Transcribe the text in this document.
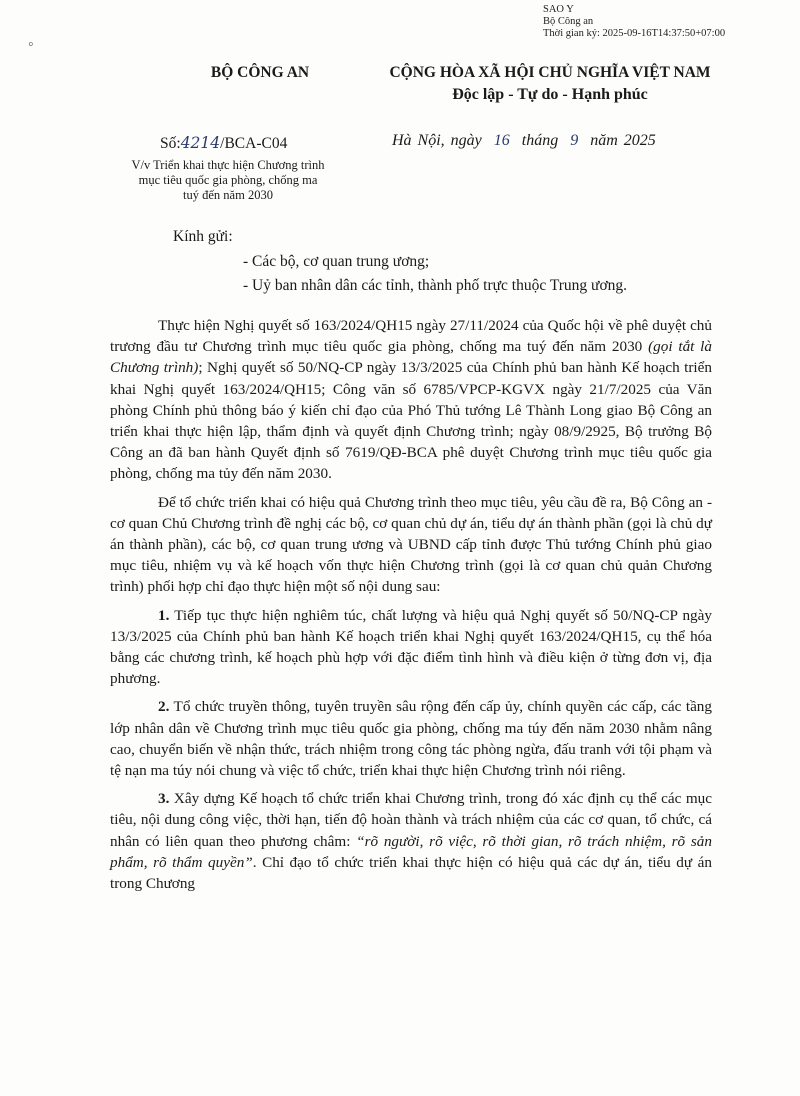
◦
SAO Y
Bộ Công an
Thời gian ký: 2025-09-16T14:37:50+07:00
BỘ CÔNG AN	CỘNG HÒA XÃ HỘI CHỦ NGHĨA VIỆT NAM
Độc lập - Tự do - Hạnh phúc
Số:4214/BCA-C04	Hà Nội, ngày 16 tháng 9 năm 2025
V/v Triển khai thực hiện Chương trình
mục tiêu quốc gia phòng, chống ma
tuý đến năm 2030
Kính gửi:
- Các bộ, cơ quan trung ương;
- Uỷ ban nhân dân các tỉnh, thành phố trực thuộc Trung ương.

Thực hiện Nghị quyết số 163/2024/QH15 ngày 27/11/2024 của Quốc hội về phê duyệt chủ trương đầu tư Chương trình mục tiêu quốc gia phòng, chống ma tuý đến năm 2030 (gọi tắt là Chương trình); Nghị quyết số 50/NQ-CP ngày 13/3/2025 của Chính phủ ban hành Kế hoạch triển khai Nghị quyết 163/2024/QH15; Công văn số 6785/VPCP-KGVX ngày 21/7/2025 của Văn phòng Chính phủ thông báo ý kiến chỉ đạo của Phó Thủ tướng Lê Thành Long giao Bộ Công an triển khai thực hiện lập, thẩm định và quyết định Chương trình; ngày 08/9/2925, Bộ trưởng Bộ Công an đã ban hành Quyết định số 7619/QĐ-BCA phê duyệt Chương trình mục tiêu quốc gia phòng, chống ma tủy đến năm 2030.

Để tổ chức triển khai có hiệu quả Chương trình theo mục tiêu, yêu cầu đề ra, Bộ Công an - cơ quan Chủ Chương trình đề nghị các bộ, cơ quan chủ dự án, tiểu dự án thành phần (gọi là chủ dự án thành phần), các bộ, cơ quan trung ương và UBND cấp tỉnh được Thủ tướng Chính phủ giao mục tiêu, nhiệm vụ và kế hoạch vốn thực hiện Chương trình (gọi là cơ quan chủ quản Chương trình) phối hợp chỉ đạo thực hiện một số nội dung sau:

1. Tiếp tục thực hiện nghiêm túc, chất lượng và hiệu quả Nghị quyết số 50/NQ-CP ngày 13/3/2025 của Chính phủ ban hành Kế hoạch triển khai Nghị quyết 163/2024/QH15, cụ thể hóa bằng các chương trình, kế hoạch phù hợp với đặc điểm tình hình và điều kiện ở từng đơn vị, địa phương.

2. Tổ chức truyền thông, tuyên truyền sâu rộng đến cấp ủy, chính quyền các cấp, các tầng lớp nhân dân về Chương trình mục tiêu quốc gia phòng, chống ma túy đến năm 2030 nhằm nâng cao, chuyển biến về nhận thức, trách nhiệm trong công tác phòng ngừa, đấu tranh với tội phạm và tệ nạn ma túy nói chung và việc tổ chức, triển khai thực hiện Chương trình nói riêng.

3. Xây dựng Kế hoạch tổ chức triển khai Chương trình, trong đó xác định cụ thể các mục tiêu, nội dung công việc, thời hạn, tiến độ hoàn thành và trách nhiệm của các cơ quan, tổ chức, cá nhân có liên quan theo phương châm: “rõ người, rõ việc, rõ thời gian, rõ trách nhiệm, rõ sản phẩm, rõ thẩm quyền”. Chỉ đạo tổ chức triển khai thực hiện có hiệu quả các dự án, tiểu dự án trong Chương
